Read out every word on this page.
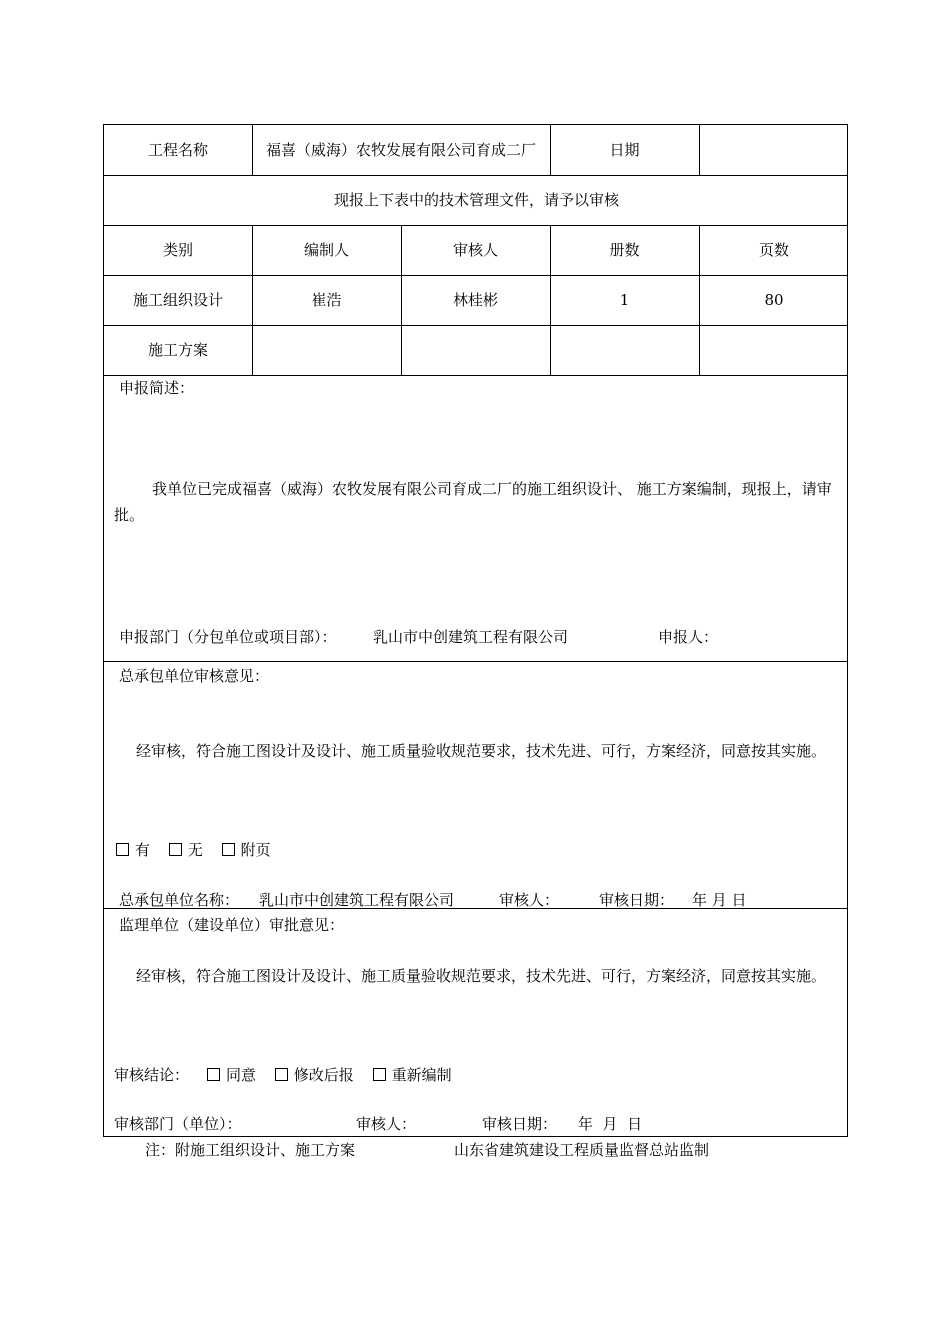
工程名称	福喜（威海）农牧发展有限公司育成二厂	日期
现报上下表中的技术管理文件，请予以审核
类别	编制人	审核人	册数	页数
施工组织设计	崔浩	林桂彬	1	80
施工方案
申报简述：
我单位已完成福喜（威海）农牧发展有限公司育成二厂的施工组织设计、 施工方案编制，现报上，请审批。
申报部门（分包单位或项目部）： 乳山市中创建筑工程有限公司	申报人：
总承包单位审核意见：
经审核，符合施工图设计及设计、施工质量验收规范要求，技术先进、可行，方案经济，同意按其实施。
有	无	附页
总承包单位名称： 乳山市中创建筑工程有限公司	审核人：	审核日期： 年 月 日
监理单位（建设单位）审批意见：
经审核，符合施工图设计及设计、施工质量验收规范要求，技术先进、可行，方案经济，同意按其实施。
审核结论：	同意	修改后报	重新编制
审核部门（单位）：	审核人：	审核日期： 年  月  日
注：附施工组织设计、施工方案	山东省建筑建设工程质量监督总站监制
